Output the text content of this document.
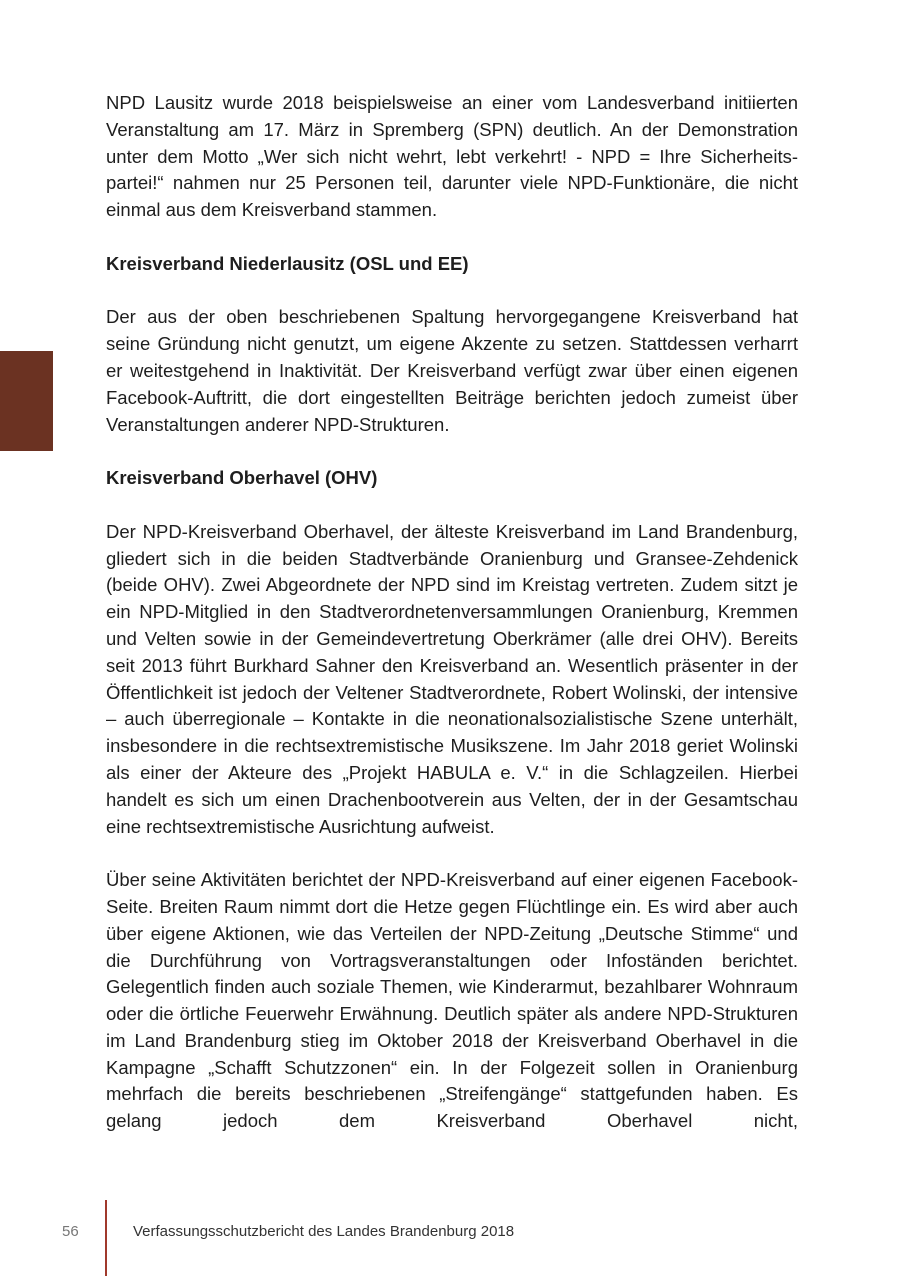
NPD Lausitz wurde 2018 beispielsweise an einer vom Landesverband initiierten Veranstaltung am 17. März in Spremberg (SPN) deutlich. An der Demonstration unter dem Motto „Wer sich nicht wehrt, lebt verkehrt! - NPD = Ihre Sicherheitspartei!“ nahmen nur 25 Personen teil, darunter viele NPD-Funktionäre, die nicht einmal aus dem Kreisverband stammen.

Kreisverband Niederlausitz (OSL und EE)

Der aus der oben beschriebenen Spaltung hervorgegangene Kreisverband hat seine Gründung nicht genutzt, um eigene Akzente zu setzen. Stattdessen verharrt er weitestgehend in Inaktivität. Der Kreisverband verfügt zwar über einen eigenen Facebook-Auftritt, die dort eingestellten Beiträge berichten jedoch zumeist über Veranstaltungen anderer NPD-Strukturen.

Kreisverband Oberhavel (OHV)

Der NPD-Kreisverband Oberhavel, der älteste Kreisverband im Land Brandenburg, gliedert sich in die beiden Stadtverbände Oranienburg und Gransee-Zehdenick (beide OHV). Zwei Abgeordnete der NPD sind im Kreistag vertreten. Zudem sitzt je ein NPD-Mitglied in den Stadtverordnetenversammlungen Oranienburg, Kremmen und Velten sowie in der Gemeindevertretung Oberkrämer (alle drei OHV). Bereits seit 2013 führt Burkhard Sahner den Kreisverband an. Wesentlich präsenter in der Öffentlichkeit ist jedoch der Veltener Stadtverordnete, Robert Wolinski, der intensive – auch überregionale – Kontakte in die neonationalsozialistische Szene unterhält, insbesondere in die rechtsextremistische Musikszene. Im Jahr 2018 geriet Wolinski als einer der Akteure des „Projekt HABULA e. V.“ in die Schlagzeilen. Hierbei handelt es sich um einen Drachenbootverein aus Velten, der in der Gesamtschau eine rechtsextremistische Ausrichtung aufweist.

Über seine Aktivitäten berichtet der NPD-Kreisverband auf einer eigenen Facebook-Seite. Breiten Raum nimmt dort die Hetze gegen Flüchtlinge ein. Es wird aber auch über eigene Aktionen, wie das Verteilen der NPD-Zeitung „Deutsche Stimme“ und die Durchführung von Vortragsveranstaltungen oder Infoständen berichtet. Gelegentlich finden auch soziale Themen, wie Kinderarmut, bezahlbarer Wohnraum oder die örtliche Feuerwehr Erwähnung. Deutlich später als andere NPD-Strukturen im Land Brandenburg stieg im Oktober 2018 der Kreisverband Oberhavel in die Kampagne „Schafft Schutzzonen“ ein. In der Folgezeit sollen in Oranienburg mehrfach die bereits beschriebenen „Streifengänge“ stattgefunden haben. Es gelang jedoch dem Kreisverband Oberhavel nicht,

56	Verfassungsschutzbericht des Landes Brandenburg 2018
